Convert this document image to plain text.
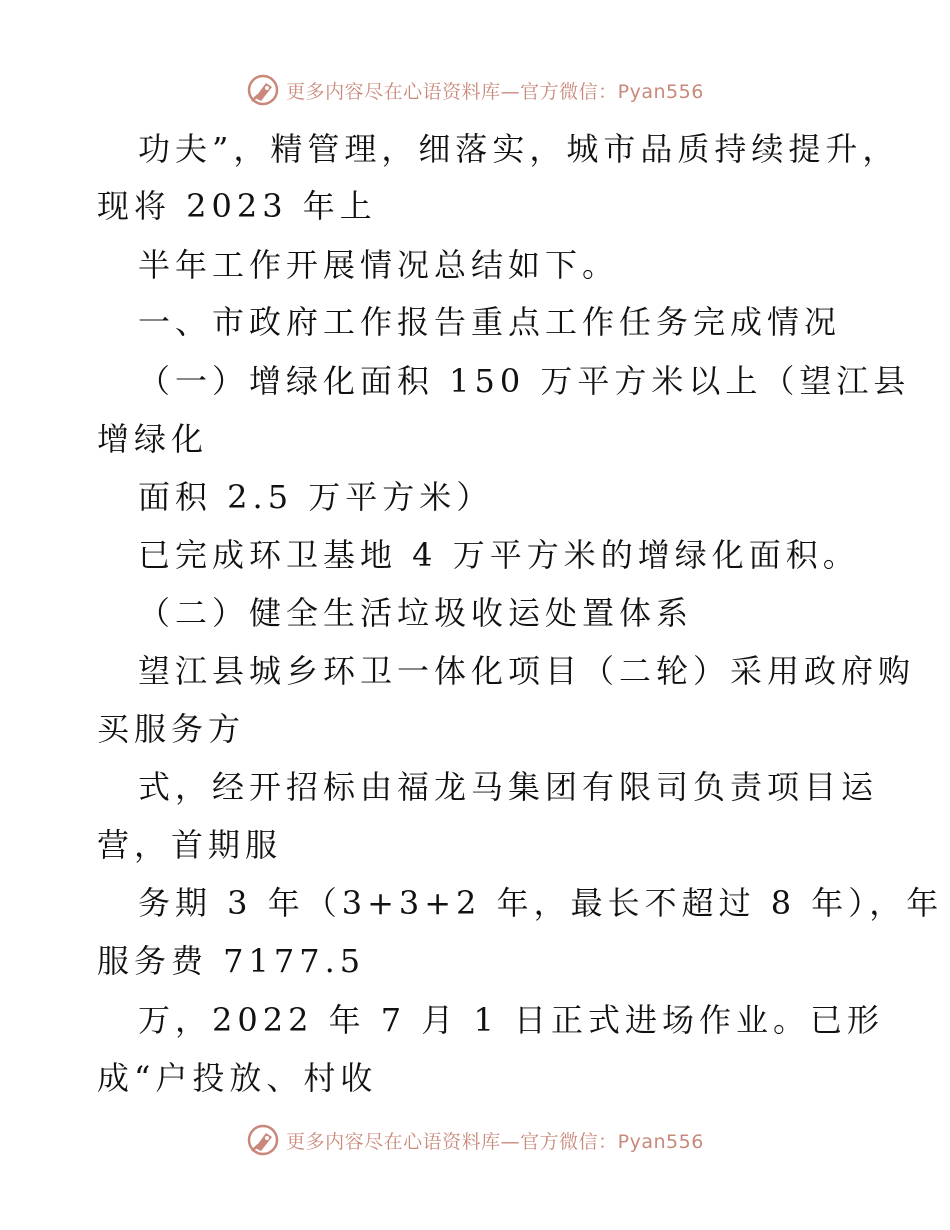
更多内容尽在心语资料库—官方微信：Pyan556
功夫”，精管理，细落实，城市品质持续提升，
现将 2023 年上
半年工作开展情况总结如下。
一、市政府工作报告重点工作任务完成情况
（一）增绿化面积 150 万平方米以上（望江县
增绿化
面积 2.5 万平方米）
已完成环卫基地 4 万平方米的增绿化面积。
（二）健全生活垃圾收运处置体系
望江县城乡环卫一体化项目（二轮）采用政府购
买服务方
式，经开招标由福龙马集团有限司负责项目运
营，首期服
务期 3 年（3+3+2 年，最长不超过 8 年），年
服务费 7177.5
万，2022 年 7 月 1 日正式进场作业。已形
成“户投放、村收
更多内容尽在心语资料库—官方微信：Pyan556
